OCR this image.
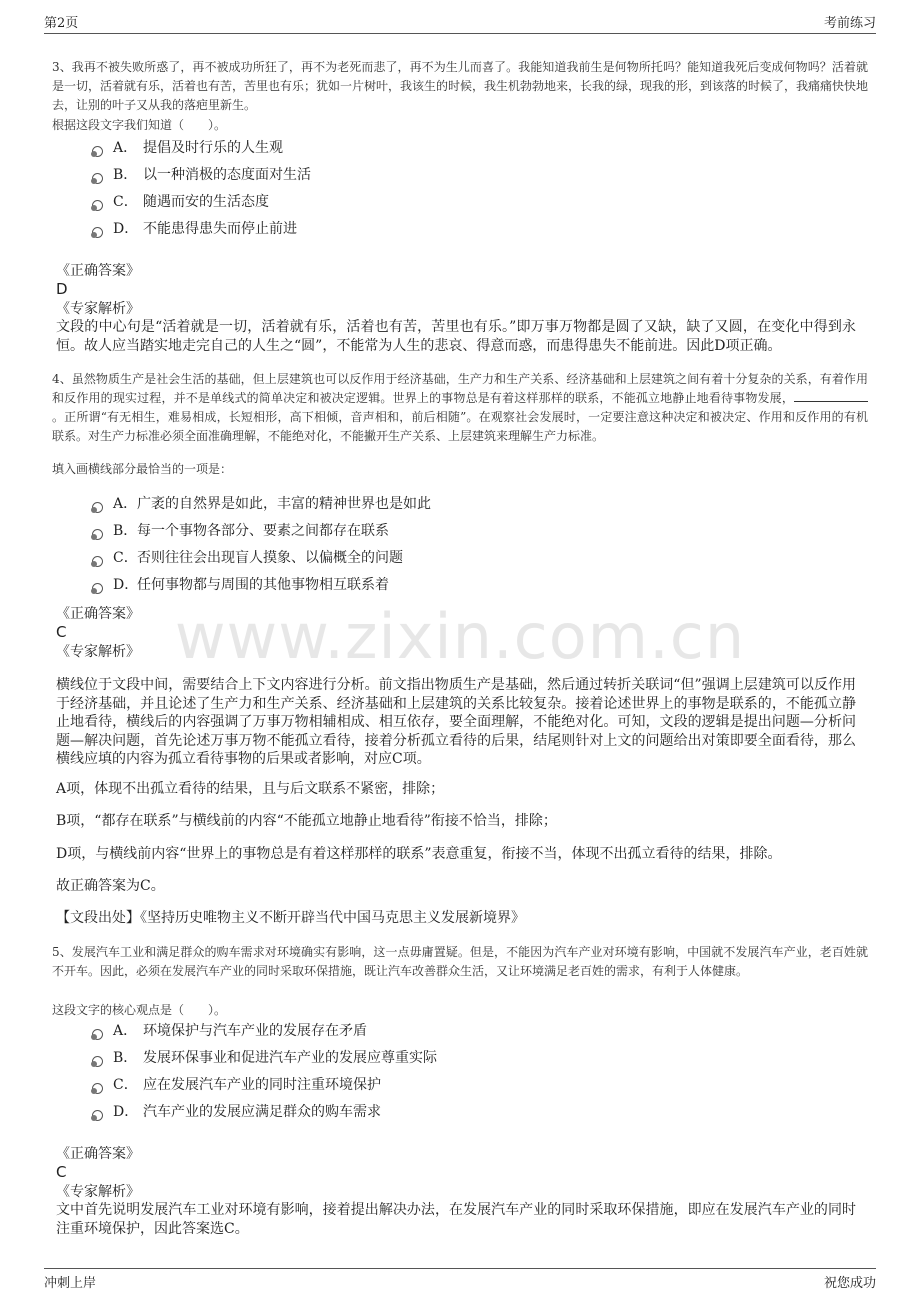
第2页	考前练习
www.zixin.com.cn
3、我再不被失败所惑了，再不被成功所狂了，再不为老死而悲了，再不为生儿而喜了。我能知道我前生是何物所托吗？能知道我死后变成何物吗？活着就是一切，活着就有乐，活着也有苦，苦里也有乐；犹如一片树叶，我该生的时候，我生机勃勃地来，长我的绿，现我的形，到该落的时候了，我痛痛快快地去，让别的叶子又从我的落疤里新生。
根据这段文字我们知道（　　）。
A． 提倡及时行乐的人生观
B． 以一种消极的态度面对生活
C． 随遇而安的生活态度
D． 不能患得患失而停止前进
《正确答案》
D
《专家解析》
文段的中心句是“活着就是一切，活着就有乐，活着也有苦，苦里也有乐。”即万事万物都是圆了又缺，缺了又圆，在变化中得到永恒。故人应当踏实地走完自己的人生之“圆”，不能常为人生的悲哀、得意而惑，而患得患失不能前进。因此D项正确。
4、虽然物质生产是社会生活的基础，但上层建筑也可以反作用于经济基础，生产力和生产关系、经济基础和上层建筑之间有着十分复杂的关系，有着作用和反作用的现实过程，并不是单线式的简单决定和被决定逻辑。世界上的事物总是有着这样那样的联系，不能孤立地静止地看待事物发展，。正所谓“有无相生，难易相成，长短相形，高下相倾，音声相和，前后相随”。在观察社会发展时，一定要注意这种决定和被决定、作用和反作用的有机联系。对生产力标准必须全面准确理解，不能绝对化，不能撇开生产关系、上层建筑来理解生产力标准。
填入画横线部分最恰当的一项是：
A． 广袤的自然界是如此，丰富的精神世界也是如此
B． 每一个事物各部分、要素之间都存在联系
C． 否则往往会出现盲人摸象、以偏概全的问题
D．
任何事物都与周围的其他事物相互联系着
《正确答案》
C
《专家解析》
横线位于文段中间，需要结合上下文内容进行分析。前文指出物质生产是基础，然后通过转折关联词“但”强调上层建筑可以反作用于经济基础，并且论述了生产力和生产关系、经济基础和上层建筑的关系比较复杂。接着论述世界上的事物是联系的，不能孤立静止地看待，横线后的内容强调了万事万物相辅相成、相互依存，要全面理解，不能绝对化。可知，文段的逻辑是提出问题—分析问题—解决问题，首先论述万事万物不能孤立看待，接着分析孤立看待的后果，结尾则针对上文的问题给出对策即要全面看待，那么横线应填的内容为孤立看待事物的后果或者影响，对应C项。
A项，体现不出孤立看待的结果，且与后文联系不紧密，排除；
B项，“都存在联系”与横线前的内容“不能孤立地静止地看待”衔接不恰当，排除；
D项，与横线前内容“世界上的事物总是有着这样那样的联系”表意重复，衔接不当，体现不出孤立看待的结果，排除。
故正确答案为C。
【文段出处】《坚持历史唯物主义不断开辟当代中国马克思主义发展新境界》
5、发展汽车工业和满足群众的购车需求对环境确实有影响，这一点毋庸置疑。但是，不能因为汽车产业对环境有影响，中国就不发展汽车产业，老百姓就不开车。因此，必须在发展汽车产业的同时采取环保措施，既让汽车改善群众生活，又让环境满足老百姓的需求，有利于人体健康。
这段文字的核心观点是（　　）。
A． 环境保护与汽车产业的发展存在矛盾
B． 发展环保事业和促进汽车产业的发展应尊重实际
C． 应在发展汽车产业的同时注重环境保护
D． 汽车产业的发展应满足群众的购车需求
《正确答案》
C
《专家解析》
文中首先说明发展汽车工业对环境有影响，接着提出解决办法，在发展汽车产业的同时采取环保措施，即应在发展汽车产业的同时注重环境保护，因此答案选C。
冲刺上岸	祝您成功
